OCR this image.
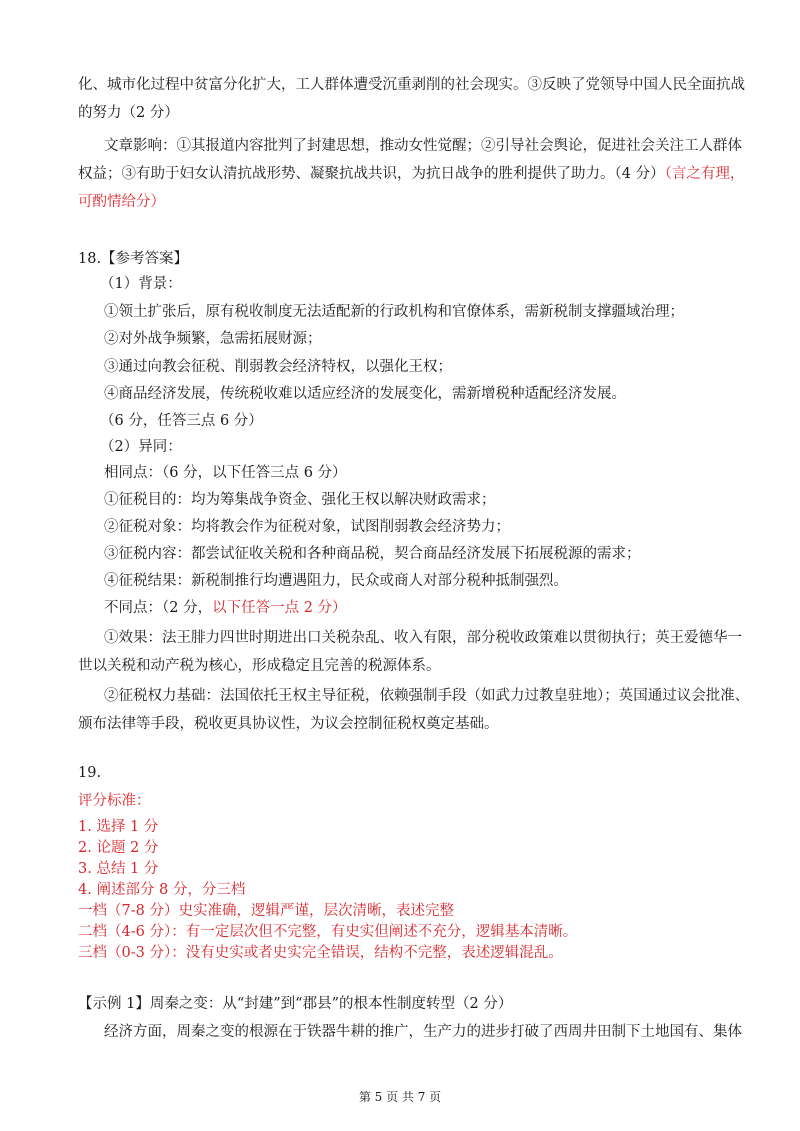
化、城市化过程中贫富分化扩大，工人群体遭受沉重剥削的社会现实。③反映了党领导中国人民全面抗战
的努力（2 分）
文章影响：①其报道内容批判了封建思想，推动女性觉醒；②引导社会舆论，促进社会关注工人群体
权益；③有助于妇女认清抗战形势、凝聚抗战共识，为抗日战争的胜利提供了助力。（4 分）（言之有理，
可酌情给分）
18.【参考答案】
（1）背景：
①领土扩张后，原有税收制度无法适配新的行政机构和官僚体系，需新税制支撑疆域治理；
②对外战争频繁，急需拓展财源；
③通过向教会征税、削弱教会经济特权，以强化王权；
④商品经济发展，传统税收难以适应经济的发展变化，需新增税种适配经济发展。
（6 分，任答三点 6 分）
（2）异同：
相同点：（6 分，以下任答三点 6 分）
①征税目的：均为筹集战争资金、强化王权以解决财政需求；
②征税对象：均将教会作为征税对象，试图削弱教会经济势力；
③征税内容：都尝试征收关税和各种商品税，契合商品经济发展下拓展税源的需求；
④征税结果：新税制推行均遭遇阻力，民众或商人对部分税种抵制强烈。
不同点：（2 分，以下任答一点 2 分）
①效果：法王腓力四世时期进出口关税杂乱、收入有限，部分税收政策难以贯彻执行；英王爱德华一
世以关税和动产税为核心，形成稳定且完善的税源体系。
②征税权力基础：法国依托王权主导征税，依赖强制手段（如武力过教皇驻地）；英国通过议会批准、
颁布法律等手段，税收更具协议性，为议会控制征税权奠定基础。
19.
评分标准：
1. 选择 1 分
2. 论题 2 分
3. 总结 1 分
4. 阐述部分 8 分，分三档
一档（7-8 分）史实准确，逻辑严谨，层次清晰，表述完整
二档（4-6 分）：有一定层次但不完整，有史实但阐述不充分，逻辑基本清晰。
三档（0-3 分）：没有史实或者史实完全错误，结构不完整，表述逻辑混乱。
【示例 1】周秦之变：从“封建”到“郡县”的根本性制度转型（2 分）
经济方面，周秦之变的根源在于铁器牛耕的推广，生产力的进步打破了西周井田制下土地国有、集体
第 5 页 共 7 页
